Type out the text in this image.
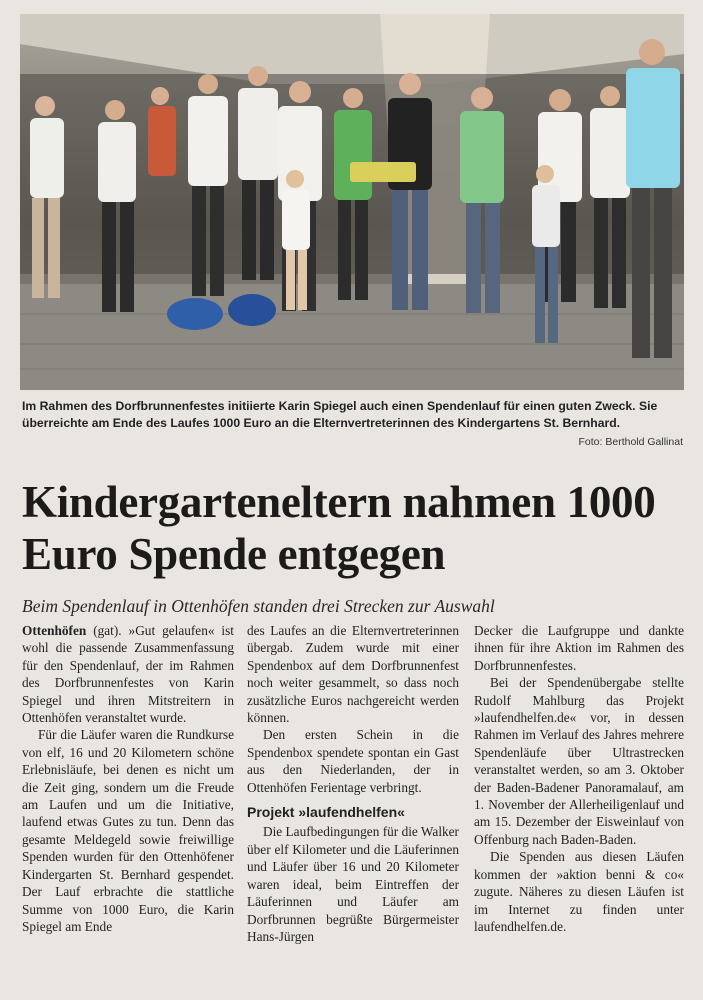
Im Rahmen des Dorfbrunnenfestes initiierte Karin Spiegel auch einen Spendenlauf für einen guten Zweck. Sie überreichte am Ende des Laufes 1000 Euro an die Elternvertreterinnen des Kindergartens St. Bernhard.
Foto: Berthold Gallinat
Kindergarteneltern nahmen 1000 Euro Spende entgegen
Beim Spendenlauf in Ottenhöfen standen drei Strecken zur Auswahl

Ottenhöfen (gat). »Gut gelaufen« ist wohl die passende Zusammenfassung für den Spendenlauf, der im Rahmen des Dorfbrunnenfestes von Karin Spiegel und ihren Mitstreitern in Ottenhöfen veranstaltet wurde.

Für die Läufer waren die Rundkurse von elf, 16 und 20 Kilometern schöne Erlebnisläufe, bei denen es nicht um die Zeit ging, sondern um die Freude am Laufen und um die Initiative, laufend etwas Gutes zu tun. Denn das gesamte Meldegeld sowie freiwillige Spenden wurden für den Ottenhöfener Kindergarten St. Bernhard gespendet. Der Lauf erbrachte die stattliche Summe von 1000 Euro, die Karin Spiegel am Ende

des Laufes an die Elternvertreterinnen übergab. Zudem wurde mit einer Spendenbox auf dem Dorfbrunnenfest noch weiter gesammelt, so dass noch zusätzliche Euros nachgereicht werden können.

Den ersten Schein in die Spendenbox spendete spontan ein Gast aus den Niederlanden, der in Ottenhöfen Ferientage verbringt.

Projekt »laufendhelfen«

Die Laufbedingungen für die Walker über elf Kilometer und die Läuferinnen und Läufer über 16 und 20 Kilometer waren ideal, beim Eintreffen der Läuferinnen und Läufer am Dorfbrunnen begrüßte Bürgermeister Hans-Jürgen

Decker die Laufgruppe und dankte ihnen für ihre Aktion im Rahmen des Dorfbrunnenfestes.

Bei der Spendenübergabe stellte Rudolf Mahlburg das Projekt »laufendhelfen.de« vor, in dessen Rahmen im Verlauf des Jahres mehrere Spendenläufe über Ultrastrecken veranstaltet werden, so am 3. Oktober der Baden-Badener Panoramalauf, am 1. November der Allerheiligenlauf und am 15. Dezember der Eisweinlauf von Offenburg nach Baden-Baden.

Die Spenden aus diesen Läufen kommen der »aktion benni & co« zugute. Näheres zu diesen Läufen ist im Internet zu finden unter laufendhelfen.de.
